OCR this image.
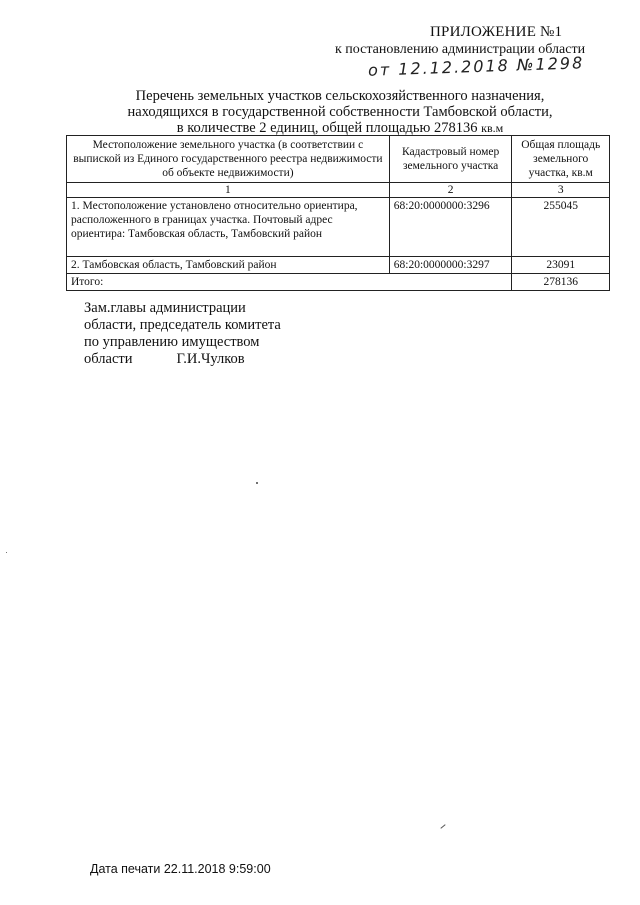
ПРИЛОЖЕНИЕ №1
к постановлению администрации области
от 12.12.2018 №1298
Перечень земельных участков сельскохозяйственного назначения,
находящихся в государственной собственности Тамбовской области,
в количестве 2 единиц, общей площадью 278136 кв.м
Местоположение земельного участка (в соответствии с выпиской из Единого государственного реестра недвижимости об объекте недвижимости)	Кадастровый номер земельного участка	Общая площадь земельного участка, кв.м
1	2	3
1. Местоположение установлено относительно ориентира, расположенного в границах участка. Почтовый адрес ориентира: Тамбовская область, Тамбовский район	68:20:0000000:3296	255045
2. Тамбовская область, Тамбовский район	68:20:0000000:3297	23091
Итого:		278136
Зам.главы администрации
области, председатель комитета
по управлению имуществом
области	Г.И.Чулков
Дата печати 22.11.2018 9:59:00
